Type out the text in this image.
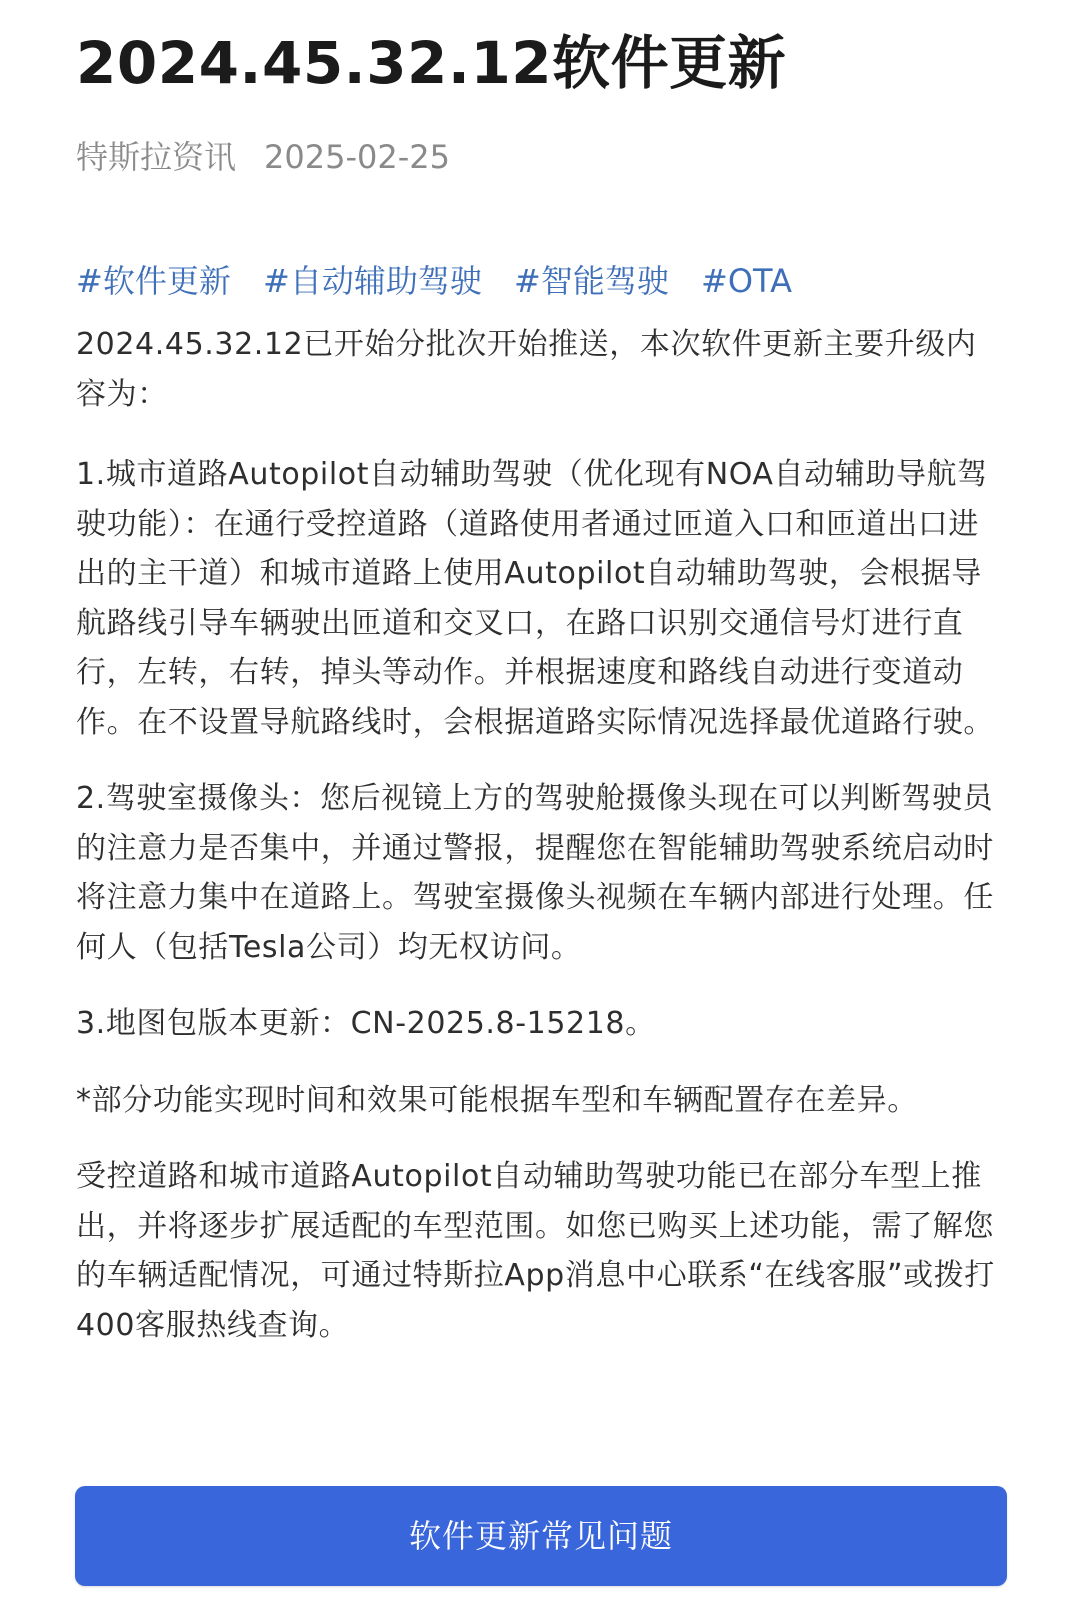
2024.45.32.12软件更新
特斯拉资讯 2025-02-25
#软件更新 #自动辅助驾驶 #智能驾驶 #OTA

2024.45.32.12已开始分批次开始推送，本次软件更新主要升级内容为：

1.城市道路Autopilot自动辅助驾驶（优化现有NOA自动辅助导航驾驶功能）：在通行受控道路（道路使用者通过匝道入口和匝道出口进出的主干道）和城市道路上使用Autopilot自动辅助驾驶，会根据导航路线引导车辆驶出匝道和交叉口，在路口识别交通信号灯进行直行，左转，右转，掉头等动作。并根据速度和路线自动进行变道动作。在不设置导航路线时，会根据道路实际情况选择最优道路行驶。

2.驾驶室摄像头：您后视镜上方的驾驶舱摄像头现在可以判断驾驶员的注意力是否集中，并通过警报，提醒您在智能辅助驾驶系统启动时将注意力集中在道路上。驾驶室摄像头视频在车辆内部进行处理。任何人（包括Tesla公司）均无权访问。

3.地图包版本更新：CN-2025.8-15218。

*部分功能实现时间和效果可能根据车型和车辆配置存在差异。

受控道路和城市道路Autopilot自动辅助驾驶功能已在部分车型上推出，并将逐步扩展适配的车型范围。如您已购买上述功能，需了解您的车辆适配情况，可通过特斯拉App消息中心联系“在线客服”或拨打400客服热线查询。

软件更新常见问题
